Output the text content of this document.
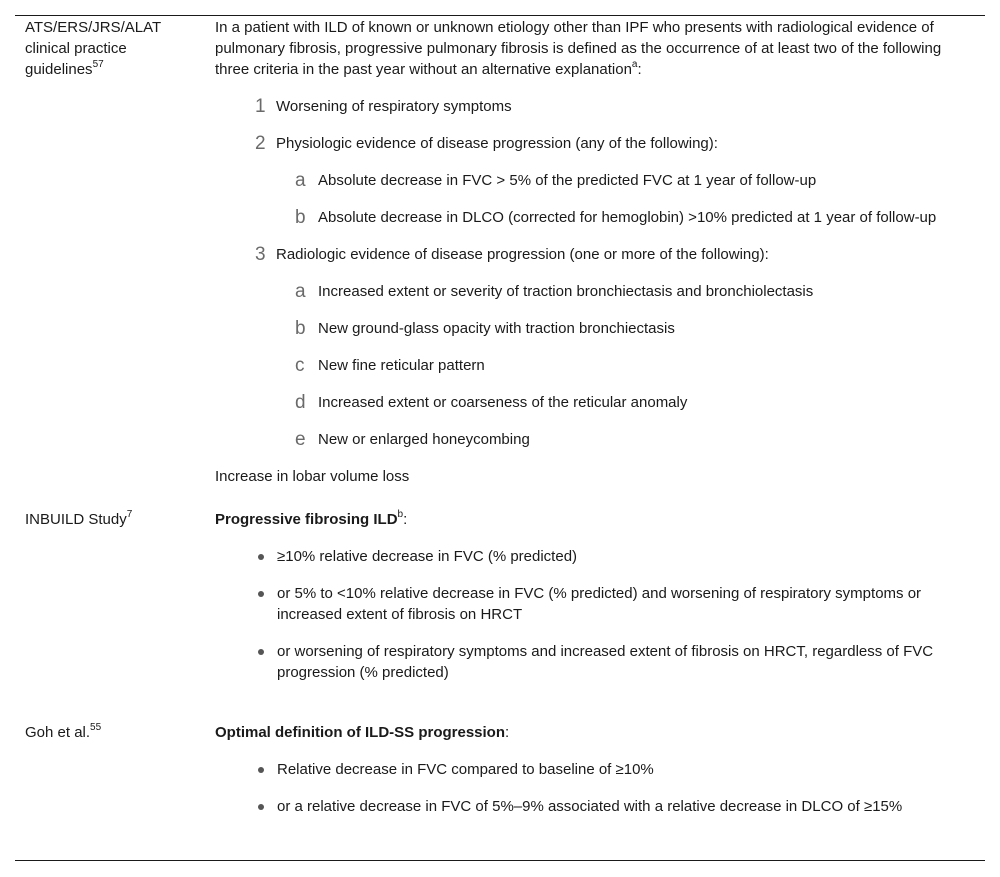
ATS/ERS/JRS/ALAT clinical practice guidelines$^{57}$

In a patient with ILD of known or unknown etiology other than IPF who presents with radiological evidence of pulmonary fibrosis, progressive pulmonary fibrosis is defined as the occurrence of at least two of the following three criteria in the past year without an alternative explanation$^a$:

1 Worsening of respiratory symptoms
2 Physiologic evidence of disease progression (any of the following):
a Absolute decrease in FVC > 5% of the predicted FVC at 1 year of follow-up
b Absolute decrease in DLCO (corrected for hemoglobin) >10% predicted at 1 year of follow-up
3 Radiologic evidence of disease progression (one or more of the following):
a Increased extent or severity of traction bronchiectasis and bronchiolectasis
b New ground-glass opacity with traction bronchiectasis
c New fine reticular pattern
d Increased extent or coarseness of the reticular anomaly
e New or enlarged honeycombing
Increase in lobar volume loss
INBUILD Study$^7$	Progressive fibrosing $ILD^b$:
≥10% relative decrease in FVC (% predicted)
or 5% to <10% relative decrease in FVC (% predicted) and worsening of respiratory symptoms or increased extent of fibrosis on HRCT
or worsening of respiratory symptoms and increased extent of fibrosis on HRCT, regardless of FVC progression (% predicted)
Goh et al.$^{55}$	Optimal definition of ILD-SS progression:
Relative decrease in FVC compared to baseline of ≥10%
or a relative decrease in FVC of 5%–9% associated with a relative decrease in DLCO of ≥15%
